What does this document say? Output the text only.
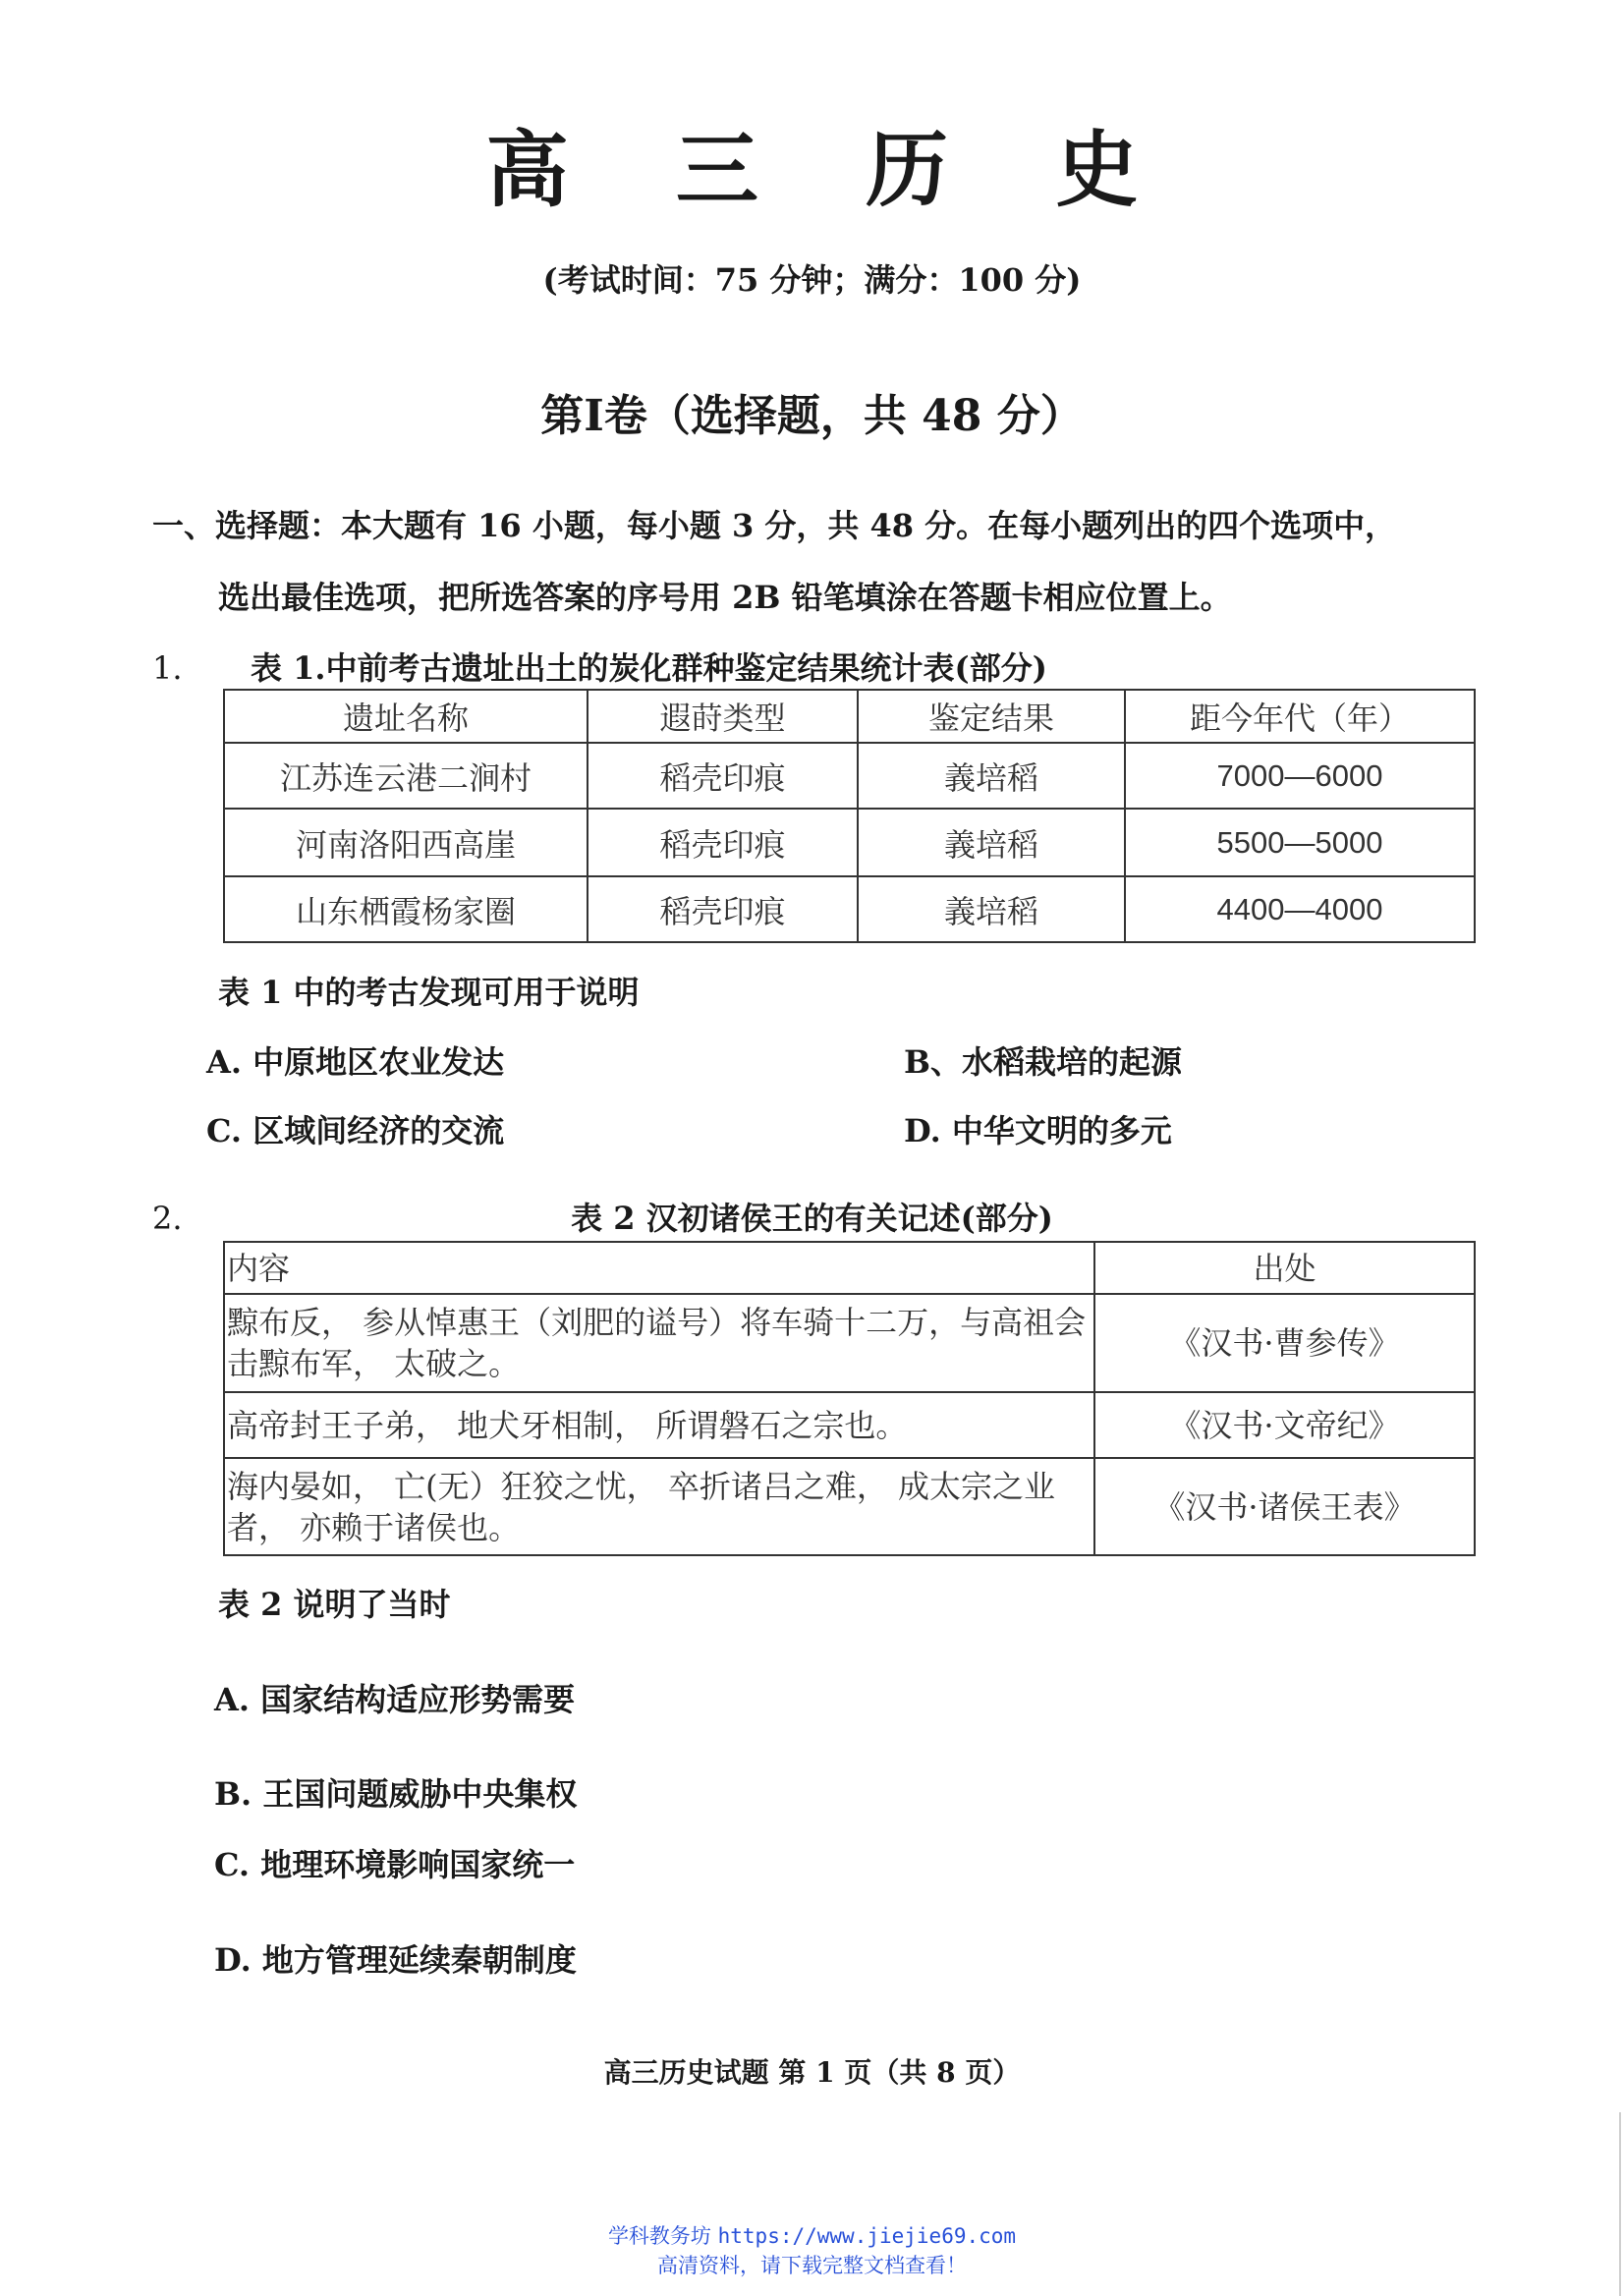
高 三 历 史
(考试时间：75 分钟；满分：100 分)
第Ⅰ卷（选择题，共 48 分）
一、选择题：本大题有 16 小题，每小题 3 分，共 48 分。在每小题列出的四个选项中，
选出最佳选项，把所选答案的序号用 2B 铅笔填涂在答题卡相应位置上。
1. 表 1.中前考古遗址出土的炭化群种鉴定结果统计表(部分)
遗址名称	遐莳类型	鉴定结果	距今年代（年）
江苏连云港二涧村	稻壳印痕	義培稻	7000—6000
河南洛阳西高崖	稻壳印痕	義培稻	5500—5000
山东栖霞杨家圈	稻壳印痕	義培稻	4400—4000
表 1 中的考古发现可用于说明
A. 中原地区农业发达	B、水稻栽培的起源
C. 区域间经济的交流	D. 中华文明的多元
2.	表 2 汉初诸侯王的有关记述(部分)
内容	出处
黥布反， 参从悼惠王（刘肥的谥号）将车骑十二万，与高祖会击黥布军， 太破之。	《汉书·曹参传》
高帝封王子弟， 地犬牙相制， 所谓磐石之宗也。	《汉书·文帝纪》
海内晏如， 亡(无）狂狡之忧， 卒折诸吕之难， 成太宗之业者， 亦赖于诸侯也。	《汉书·诸侯王表》
表 2 说明了当时
A. 国家结构适应形势需要
B. 王国问题威胁中央集权
C. 地理环境影响国家统一
D. 地方管理延续秦朝制度
高三历史试题 第 1 页（共 8 页）
学科教务坊 https://www.jiejie69.com
高清资料，请下载完整文档查看！
